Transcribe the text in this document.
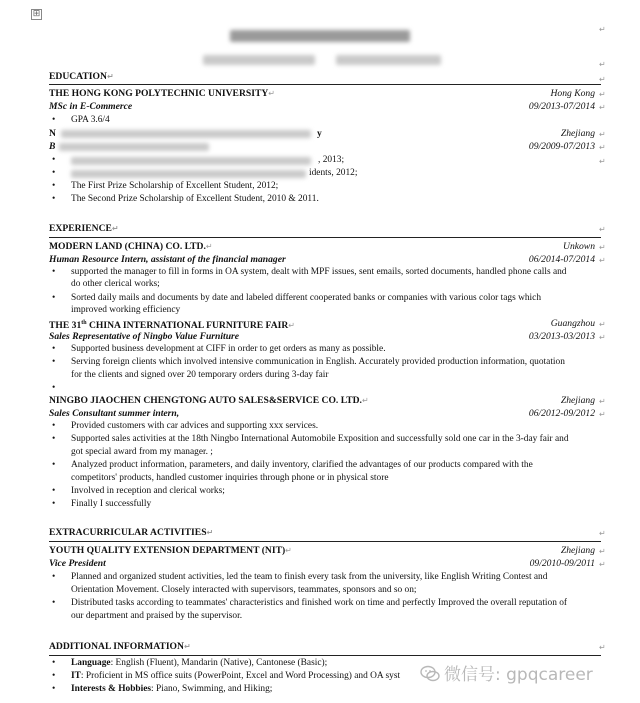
⊞
EDUCATION↵
THE HONG KONG POLYTECHNIC UNIVERSITY↵	Hong Kong
MSc in E-Commerce	09/2013-07/2014
• GPA 3.6/4
N	y	Zhejiang
B	09/2009-07/2013
•	, 2013;
•	idents, 2012;
• The First Prize Scholarship of Excellent Student, 2012;
• The Second Prize Scholarship of Excellent Student, 2010 & 2011.
EXPERIENCE↵
MODERN LAND (CHINA) CO. LTD.↵	Unkown
Human Resource Intern, assistant of the financial manager	06/2014-07/2014
• supported the manager to fill in forms in OA system, dealt with MPF issues, sent emails, sorted documents, handled phone calls and
do other clerical works;
• Sorted daily mails and documents by date and labeled different cooperated banks or companies with various color tags which
improved working efficiency
THE 31th CHINA INTERNATIONAL FURNITURE FAIR↵	Guangzhou
Sales Representative of Ningbo Value Furniture	03/2013-03/2013
• Supported business development at CIFF in order to get orders as many as possible.
• Serving foreign clients which involved intensive communication in English. Accurately provided production information, quotation
for the clients and signed over 20 temporary orders during 3-day fair
•
NINGBO JIAOCHEN CHENGTONG AUTO SALES&SERVICE CO. LTD.↵	Zhejiang
Sales Consultant summer intern,	06/2012-09/2012
• Provided customers with car advices and supporting xxx services.
• Supported sales activities at the 18th Ningbo International Automobile Exposition and successfully sold one car in the 3-day fair and
got special award from my manager. ;
• Analyzed product information, parameters, and daily inventory, clarified the advantages of our products compared with the
competitors' products, handled customer inquiries through phone or in physical store
• Involved in reception and clerical works;
• Finally I successfully
EXTRACURRICULAR ACTIVITIES↵
YOUTH QUALITY EXTENSION DEPARTMENT (NIT)↵	Zhejiang
Vice President	09/2010-09/2011
• Planned and organized student activities, led the team to finish every task from the university, like English Writing Contest and
Orientation Movement. Closely interacted with supervisors, teammates, sponsors and so on;
• Distributed tasks according to teammates' characteristics and finished work on time and perfectly Improved the overall reputation of
our department and praised by the supervisor.
ADDITIONAL INFORMATION↵
• Language: English (Fluent), Mandarin (Native), Cantonese (Basic);
• IT: Proficient in MS office suits (PowerPoint, Excel and Word Processing) and OA syst
• Interests & Hobbies: Piano, Swimming, and Hiking;
↵
↵
↵
↵
↵
↵
↵
↵
↵
↵
↵
↵
↵
↵
↵
↵
↵
↵
↵
微信号: gpqcareer
